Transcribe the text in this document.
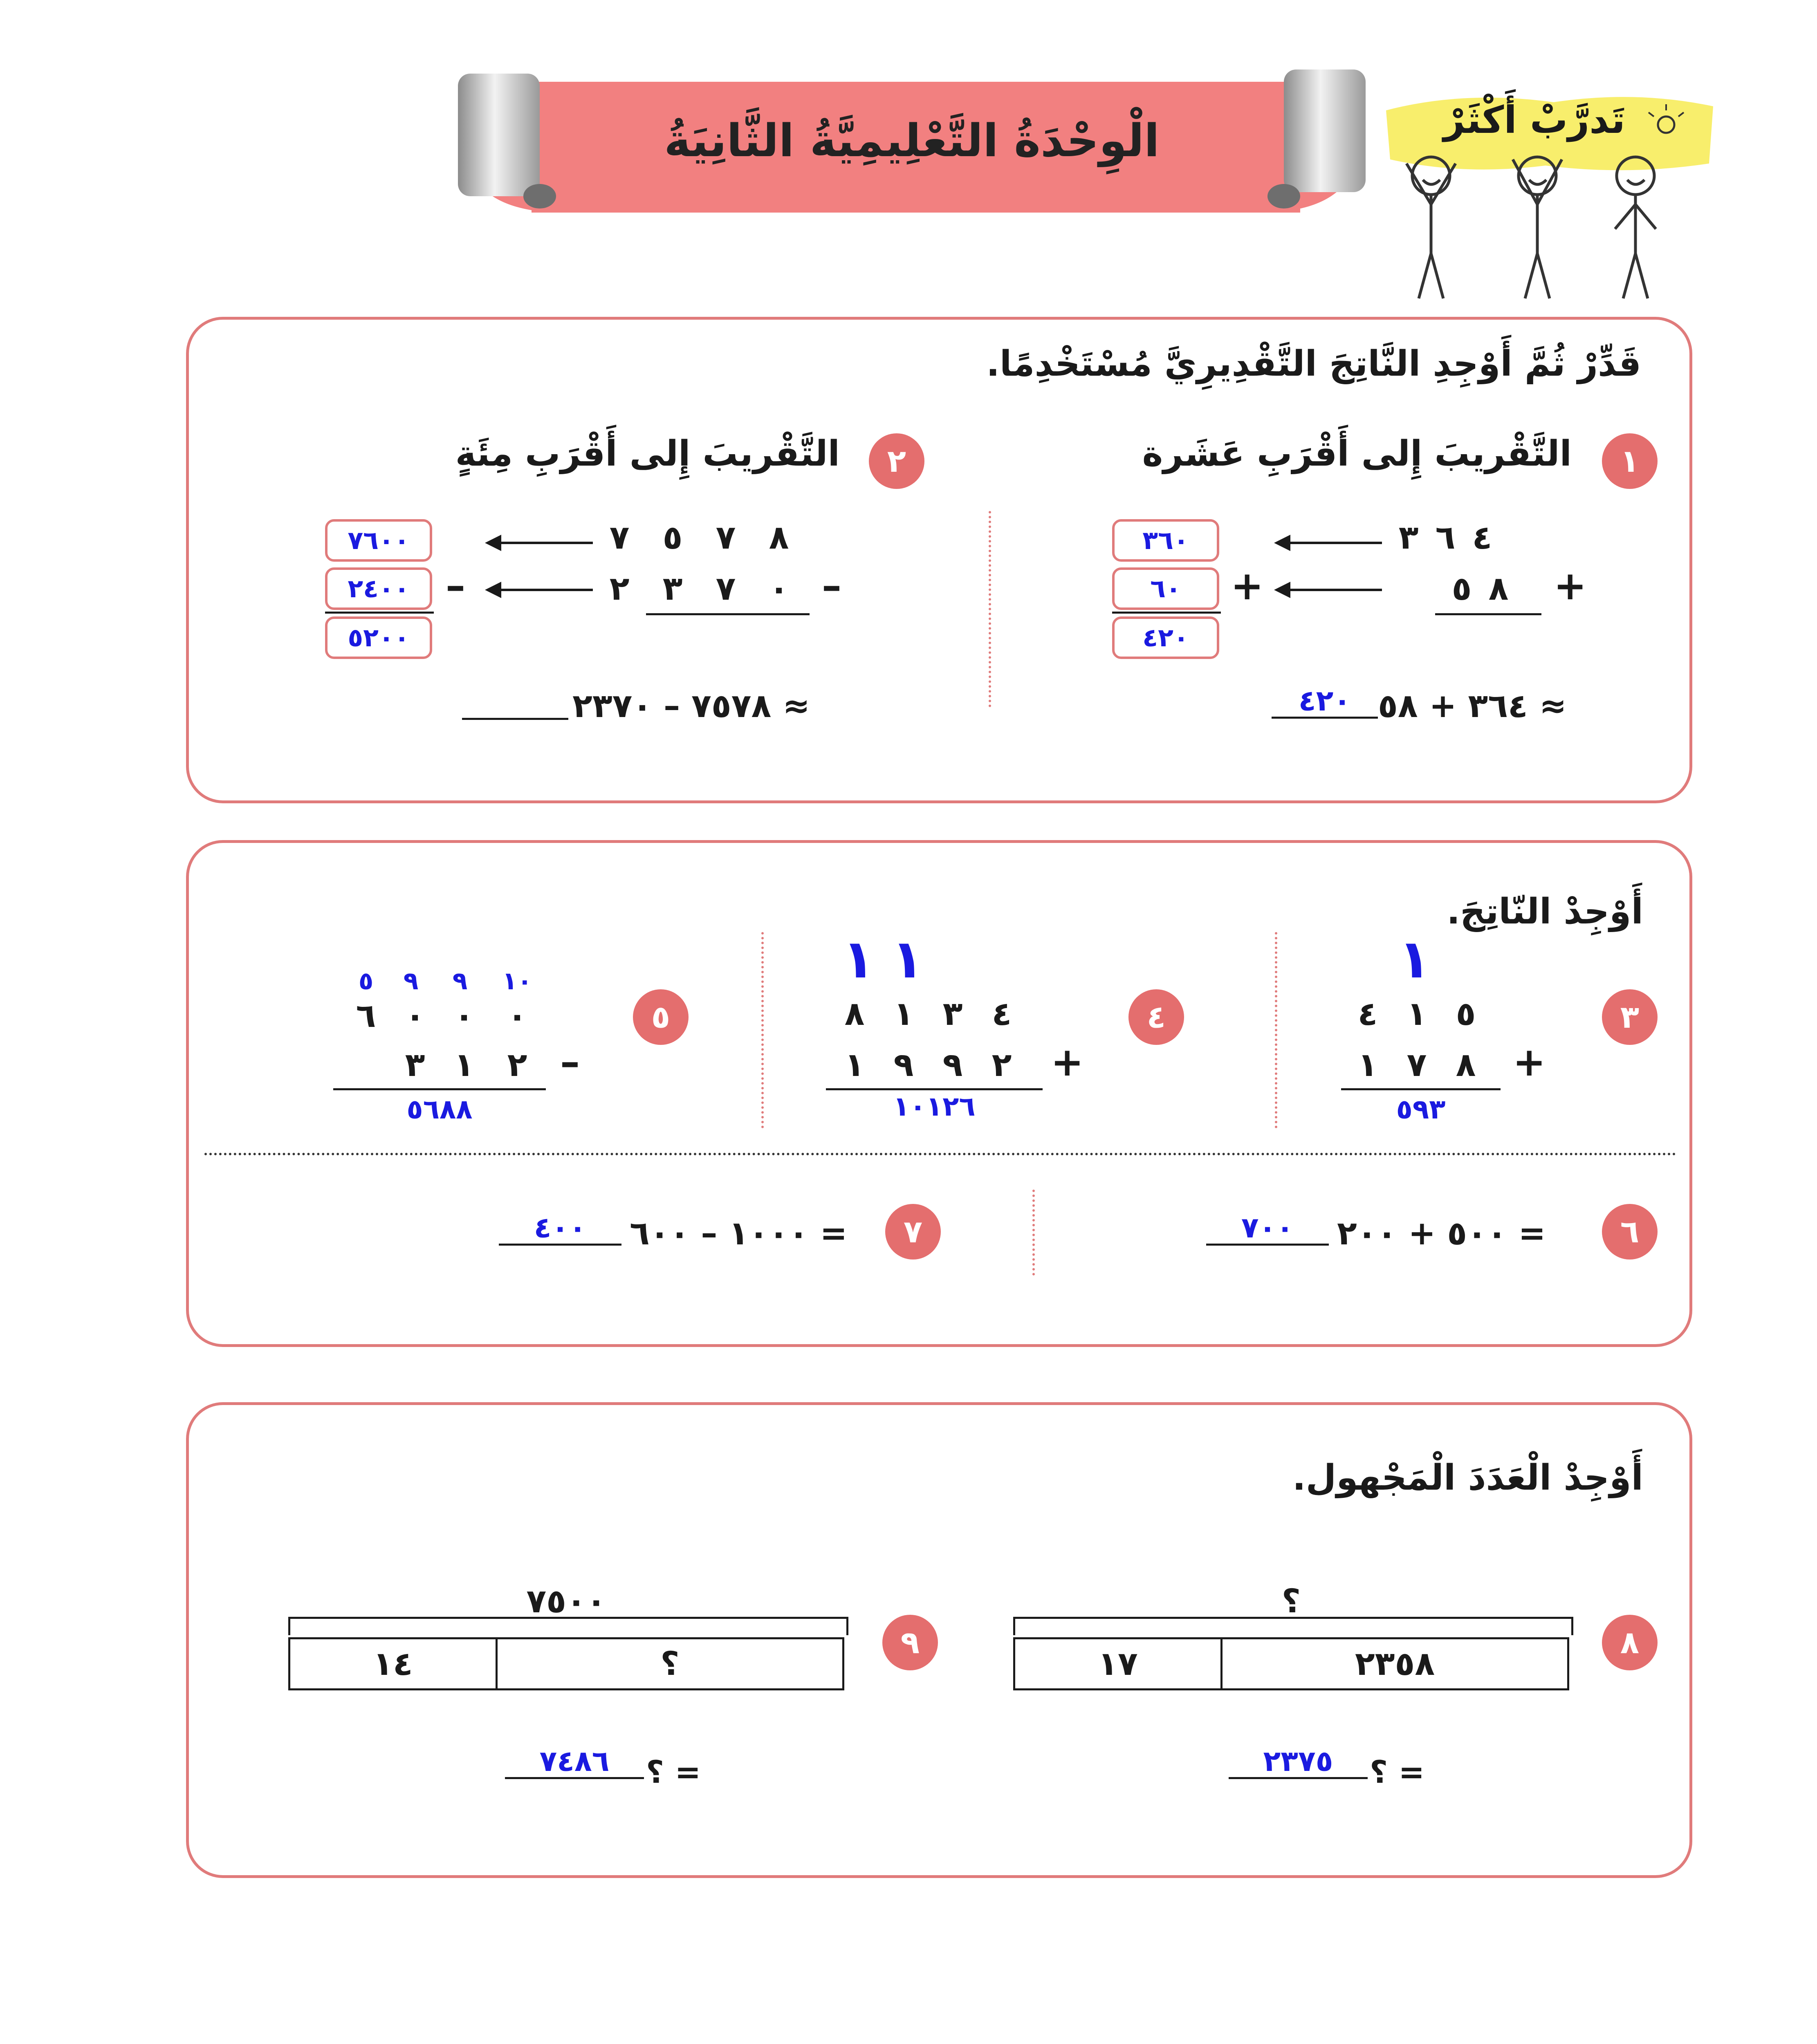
الْوِحْدَةُ التَّعْلِيمِيَّةُ الثَّانِيَةُ	تَدرَّبْ أَكْثَرْ
قَدِّرْ ثُمَّ أَوْجِدِ النَّاتِجَ التَّقْدِيرِيَّ مُسْتَخْدِمًا.
١
التَّقْريبَ إِلى أَقْرَبِ عَشَرة
٣ ٦ ٤
٥ ٨ +
٣٦٠
٦٠
٤٢٠
+
٣٦٤ + ٥٨ ≈
٤٢٠
٢
التَّقْريبَ إِلى أَقْرَبِ مِئَةٍ
٧ ٥ ٧ ٨
٢ ٣ ٧ ٠ –
٧٦٠٠
٢٤٠٠
٥٢٠٠
–
٧٥٧٨ – ٢٣٧٠ ≈
أَوْجِدْ النّاتِجَ.
٣
١
٤ ١ ٥
١ ٧ ٨ +
٥٩٣
٤
١ ١
٨ ١ ٣ ٤
١ ٩ ٩ ٢ +
١٠١٢٦
٥
٥	٩	٩	١٠
٦ ٠ ٠ ٠
٣ ١ ٢ –
٥٦٨٨
٦
٥٠٠ + ٢٠٠ =
٧٠٠
٧
١٠٠٠ – ٦٠٠ =
٤٠٠
أَوْجِدْ الْعَدَدَ الْمَجْهول.
٨
؟
١٧	٢٣٥٨
؟ =
٢٣٧٥
٩
٧٥٠٠
١٤	؟
؟ =
٧٤٨٦
